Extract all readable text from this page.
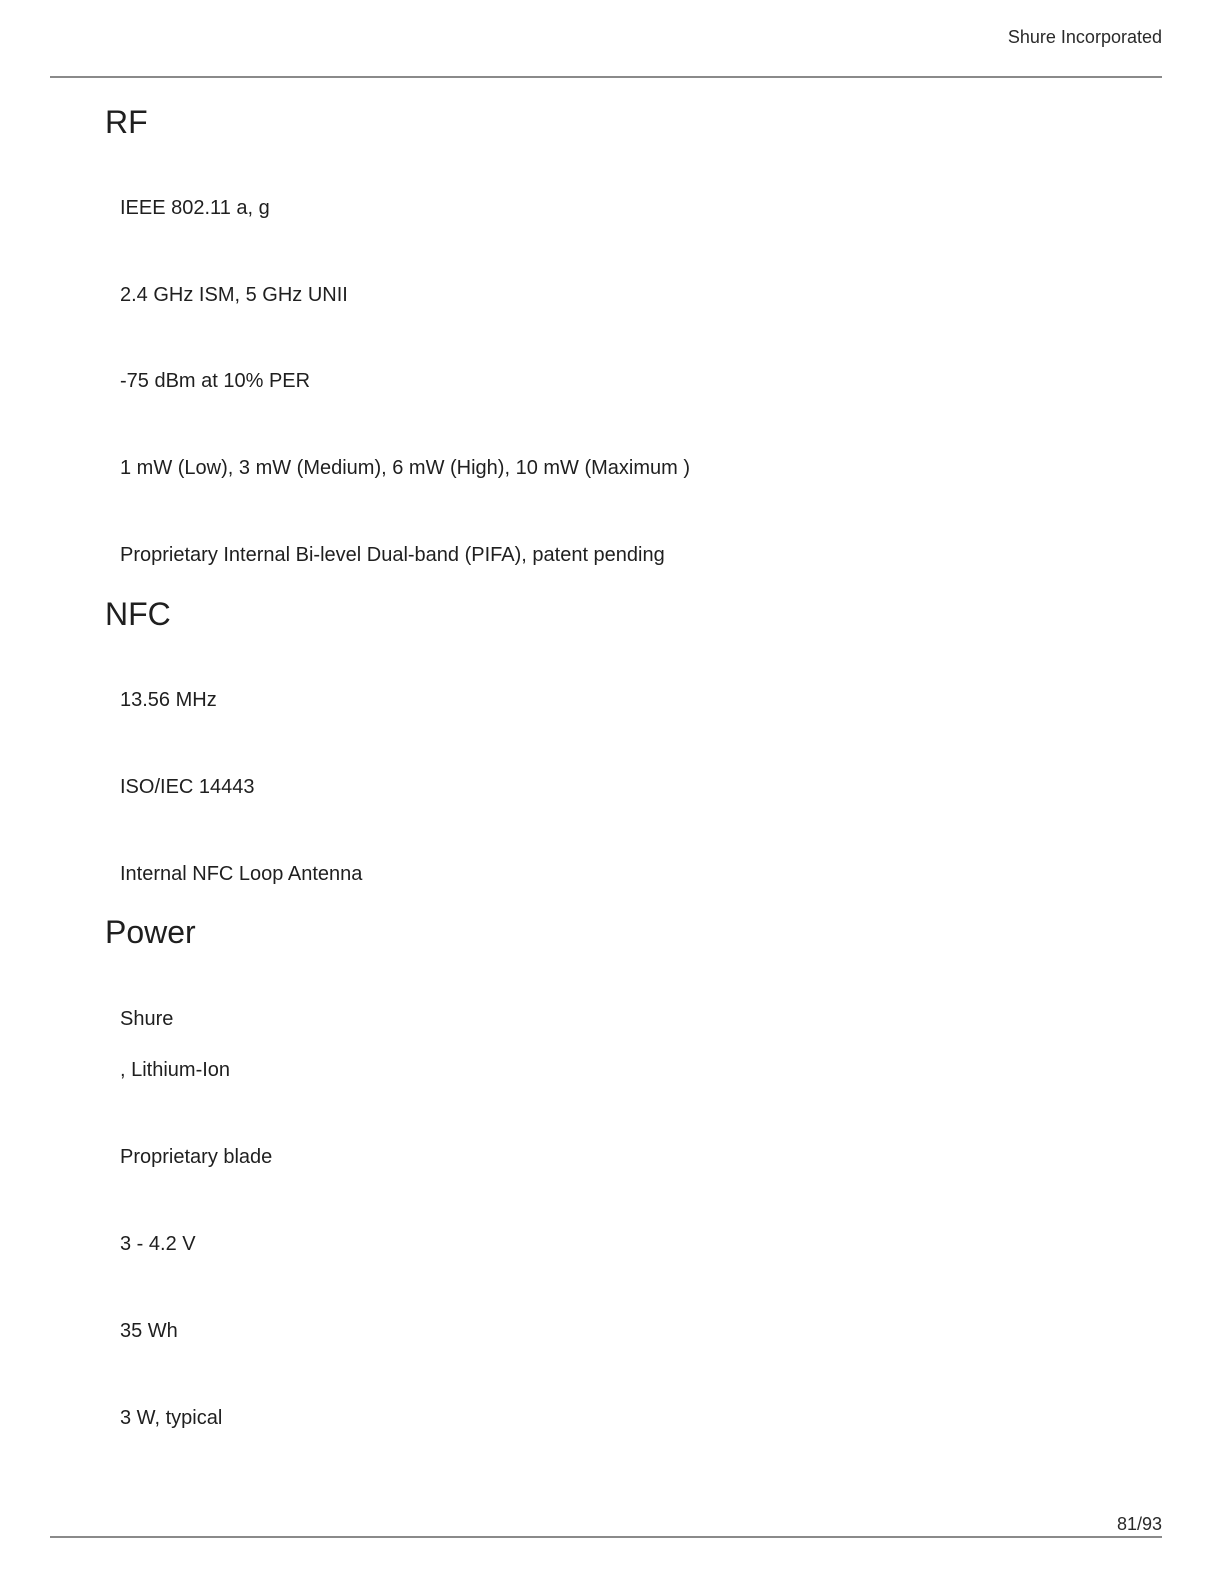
Shure Incorporated

RF

IEEE 802.11 a, g

2.4 GHz ISM, 5 GHz UNII

-75 dBm at 10% PER

1 mW (Low), 3 mW (Medium), 6 mW (High), 10 mW (Maximum )

Proprietary Internal Bi-level Dual-band (PIFA), patent pending

NFC

13.56 MHz

ISO/IEC 14443

Internal NFC Loop Antenna

Power

Shure

, Lithium-Ion

Proprietary blade

3 - 4.2 V

35 Wh

3 W, typical

81/93
